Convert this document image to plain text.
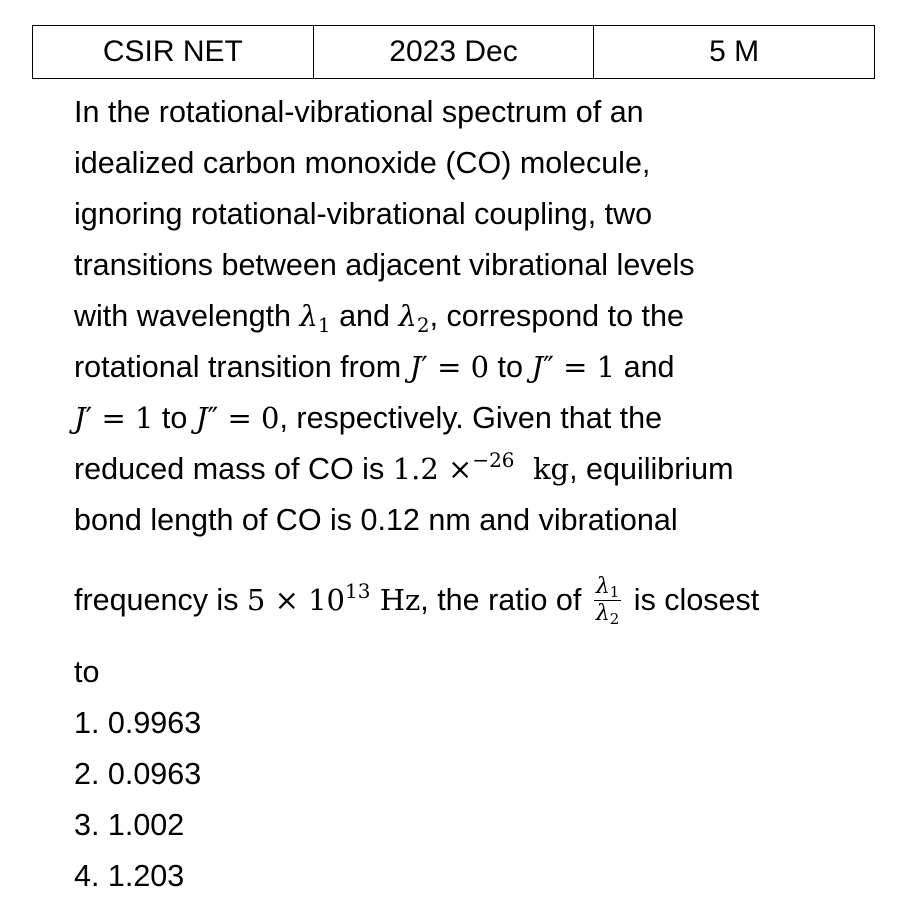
CSIR NET	2023 Dec	5 M
In the rotational-vibrational spectrum of an
idealized carbon monoxide (CO) molecule,
ignoring rotational-vibrational coupling, two
transitions between adjacent vibrational levels
with wavelength $\lambda_1$ and $\lambda_2$, correspond to the
rotational transition from J′ = 0 to J″ = 1 and
J′ = 1 to J″ = 0, respectively. Given that the
reduced mass of CO is 1.2 ×$^{-26}$ kg, equilibrium
bond length of CO is 0.12 nm and vibrational
frequency is $5 \times 10^{13}$ Hz, the ratio of $\frac{\lambda 1}{\lambda 2}$ is closest
to
1. 0.9963
2. 0.0963
3. 1.002
4. 1.203
